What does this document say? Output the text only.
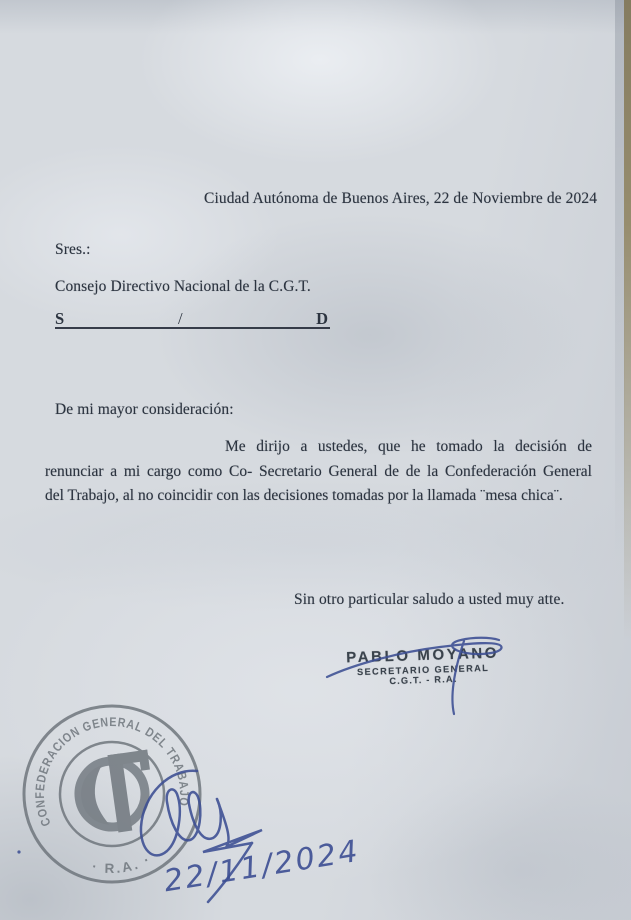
Ciudad Autónoma de Buenos Aires, 22 de Noviembre de 2024
Sres.:
Consejo Directivo Nacional de la C.G.T.
S	/	D
De mi mayor consideración:
Me dirijo a ustedes, que he tomado la decisión de
renunciar a mi cargo como Co- Secretario General de de la Confederación General
del Trabajo, al no coincidir con las decisiones tomadas por la llamada ¨mesa chica¨.
Sin otro particular saludo a usted muy atte.
PABLO MOYANO
SECRETARIO GENERAL
C.G.T. - R.A.
CONFEDERACION GENERAL DEL TRABAJO
· R.A. · 22/11/2024
